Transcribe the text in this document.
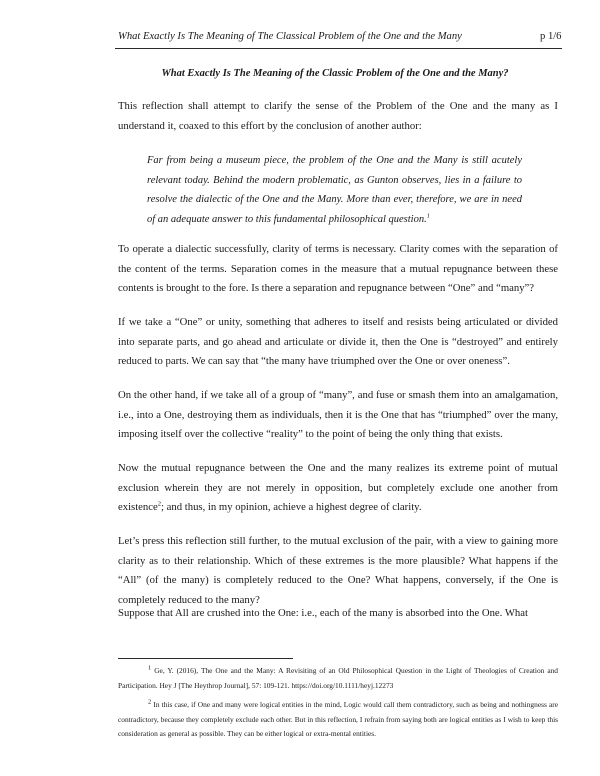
What Exactly Is The Meaning of The Classical Problem of the One and the Many	p 1/6
What Exactly Is The Meaning of the Classic Problem of the One and the Many?
This reflection shall attempt to clarify the sense of the Problem of the One and the many as I understand it, coaxed to this effort by the conclusion of another author:
Far from being a museum piece, the problem of the One and the Many is still acutely relevant today. Behind the modern problematic, as Gunton observes, lies in a failure to resolve the dialectic of the One and the Many. More than ever, therefore, we are in need of an adequate answer to this fundamental philosophical question.$^1$
To operate a dialectic successfully, clarity of terms is necessary. Clarity comes with the separation of the content of the terms. Separation comes in the measure that a mutual repugnance between these contents is brought to the fore. Is there a separation and repugnance between “One” and “many”?
If we take a “One” or unity, something that adheres to itself and resists being articulated or divided into separate parts, and go ahead and articulate or divide it, then the One is “destroyed” and entirely reduced to parts. We can say that “the many have triumphed over the One or over oneness”.
On the other hand, if we take all of a group of “many”, and fuse or smash them into an amalgamation, i.e., into a One, destroying them as individuals, then it is the One that has “triumphed” over the many, imposing itself over the collective “reality” to the point of being the only thing that exists.
Now the mutual repugnance between the One and the many realizes its extreme point of mutual exclusion wherein they are not merely in opposition, but completely exclude one another from existence$^2$; and thus, in my opinion, achieve a highest degree of clarity.
Let’s press this reflection still further, to the mutual exclusion of the pair, with a view to gaining more clarity as to their relationship. Which of these extremes is the more plausible? What happens if the “All” (of the many) is completely reduced to the One? What happens, conversely, if the One is completely reduced to the many?
Suppose that All are crushed into the One: i.e., each of the many is absorbed into the One. What
$^1$ Ge, Y. (2016), The One and the Many: A Revisiting of an Old Philosophical Question in the Light of Theologies of Creation and Participation. Hey J [The Heythrop Journal], 57: 109-121. https://doi.org/10.1111/heyj.12273
$^2$ In this case, if One and many were logical entities in the mind, Logic would call them contradictory, such as being and nothingness are contradictory, because they completely exclude each other. But in this reflection, I refrain from saying both are logical entities as I wish to keep this consideration as general as possible. They can be either logical or extra-mental entities.
